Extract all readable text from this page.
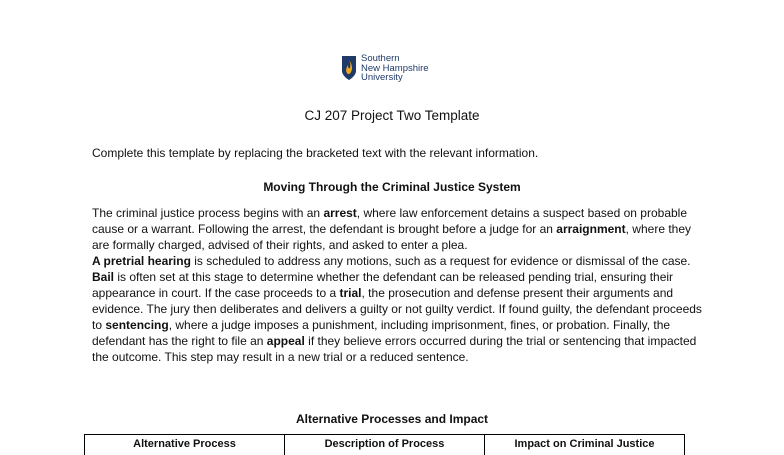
Southern
New Hampshire
University
CJ 207 Project Two Template
Complete this template by replacing the bracketed text with the relevant information.
Moving Through the Criminal Justice System
The criminal justice process begins with an arrest, where law enforcement detains a suspect based on probable cause or a warrant. Following the arrest, the defendant is brought before a judge for an arraignment, where they are formally charged, advised of their rights, and asked to enter a plea.
A pretrial hearing is scheduled to address any motions, such as a request for evidence or dismissal of the case. Bail is often set at this stage to determine whether the defendant can be released pending trial, ensuring their appearance in court. If the case proceeds to a trial, the prosecution and defense present their arguments and evidence. The jury then deliberates and delivers a guilty or not guilty verdict. If found guilty, the defendant proceeds to sentencing, where a judge imposes a punishment, including imprisonment, fines, or probation. Finally, the defendant has the right to file an appeal if they believe errors occurred during the trial or sentencing that impacted the outcome. This step may result in a new trial or a reduced sentence.
Alternative Processes and Impact
Alternative Process	Description of Process	Impact on Criminal Justice
